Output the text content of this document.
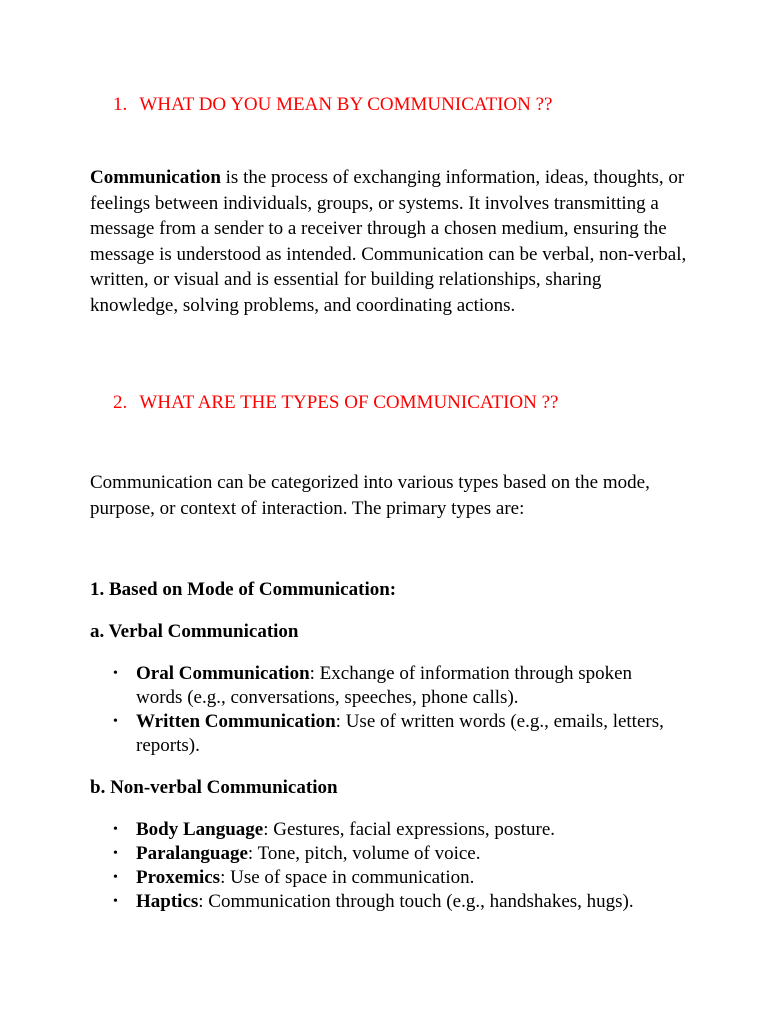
1. WHAT DO YOU MEAN BY COMMUNICATION ??

Communication is the process of exchanging information, ideas, thoughts, or feelings between individuals, groups, or systems. It involves transmitting a message from a sender to a receiver through a chosen medium, ensuring the message is understood as intended. Communication can be verbal, non-verbal, written, or visual and is essential for building relationships, sharing knowledge, solving problems, and coordinating actions.

2. WHAT ARE THE TYPES OF COMMUNICATION ??

Communication can be categorized into various types based on the mode, purpose, or context of interaction. The primary types are:

1. Based on Mode of Communication:
a. Verbal Communication
• Oral Communication: Exchange of information through spoken words (e.g., conversations, speeches, phone calls).
• Written Communication: Use of written words (e.g., emails, letters, reports).
b. Non-verbal Communication
• Body Language: Gestures, facial expressions, posture.
• Paralanguage: Tone, pitch, volume of voice.
• Proxemics: Use of space in communication.
• Haptics: Communication through touch (e.g., handshakes, hugs).
